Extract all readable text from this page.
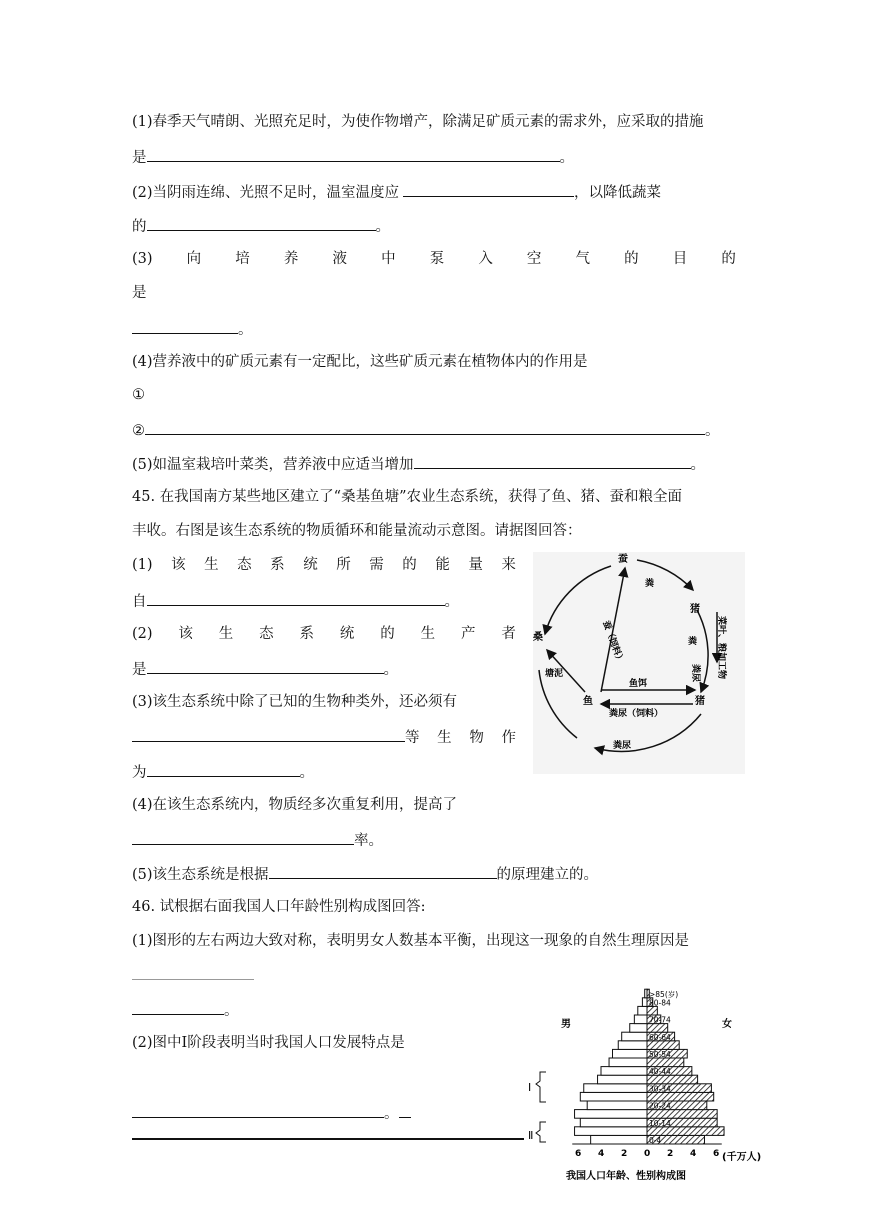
(1)春季天气晴朗、光照充足时，为使作物增产，除满足矿质元素的需求外，应采取的措施
是	。
(2)当阴雨连绵、光照不足时，温室温度应	，以降低蔬菜
的	。
(3) 向 培 养 液 中 泵 入 空 气 的 目 的
是
。
(4)营养液中的矿质元素有一定配比，这些矿质元素在植物体内的作用是
①
②	。
(5)如温室栽培叶菜类，营养液中应适当增加	。
45. 在我国南方某些地区建立了“桑基鱼塘”农业生态系统，获得了鱼、猪、蚕和粮全面
丰收。右图是该生态系统的物质循环和能量流动示意图。请据图回答：
(1) 该 生 态 系 统 所 需 的 能 量 来
自	。
(2) 该 生 态 系 统 的 生 产 者
是	。
(3)该生态系统中除了已知的生物种类外，还必须有
等 生 物 作
为	。
(4)在该生态系统内，物质经多次重复利用，提高了
率。
(5)该生态系统是根据	的原理建立的。
蚕
粪
桑
猪
粪
塘泥
鱼	猪
鱼饵
粪尿（饲料）
粪尿
粪尿
蚕（饲料）	菜叶、粮加工物
46. 试根据右面我国人口年龄性别构成图回答:
(1)图形的左右两边大致对称，表明男女人数基本平衡，出现这一现象的自然生理原因是
。
(2)图中Ⅰ阶段表明当时我国人口发展特点是
。
0-4
10-14
20-24
30-34
40-44
50-54
60-64
70-74
80-84
>85(岁)
6 4 2 0 2 4 6
男	女
Ⅰ
Ⅱ
(千万人)
我国人口年龄、性别构成图
